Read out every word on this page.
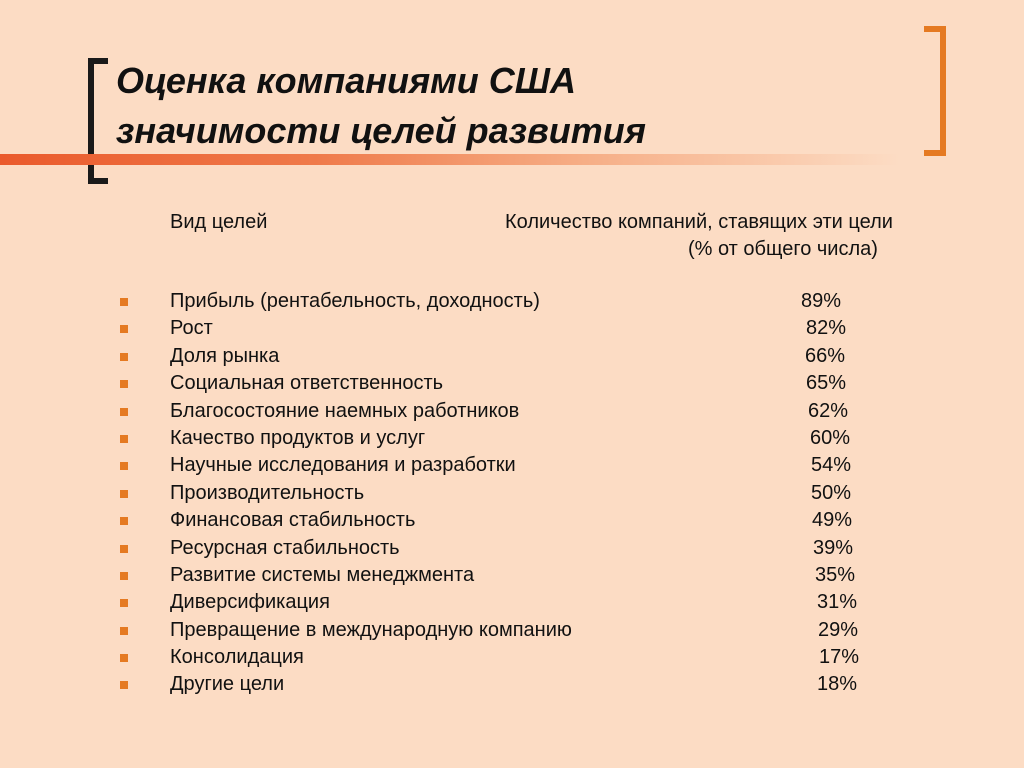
Оценка компаниями США
значимости целей развития
Вид целей	Количество компаний, ставящих эти цели
(% от общего числа)
Прибыль (рентабельность, доходность)	89%
Рост	82%
Доля рынка	66%
Социальная ответственность	65%
Благосостояние наемных работников	62%
Качество продуктов и услуг	60%
Научные исследования и разработки	54%
Производительность	50%
Финансовая стабильность	49%
Ресурсная стабильность	39%
Развитие системы менеджмента	35%
Диверсификация	31%
Превращение в международную компанию	29%
Консолидация	17%
Другие цели	18%
